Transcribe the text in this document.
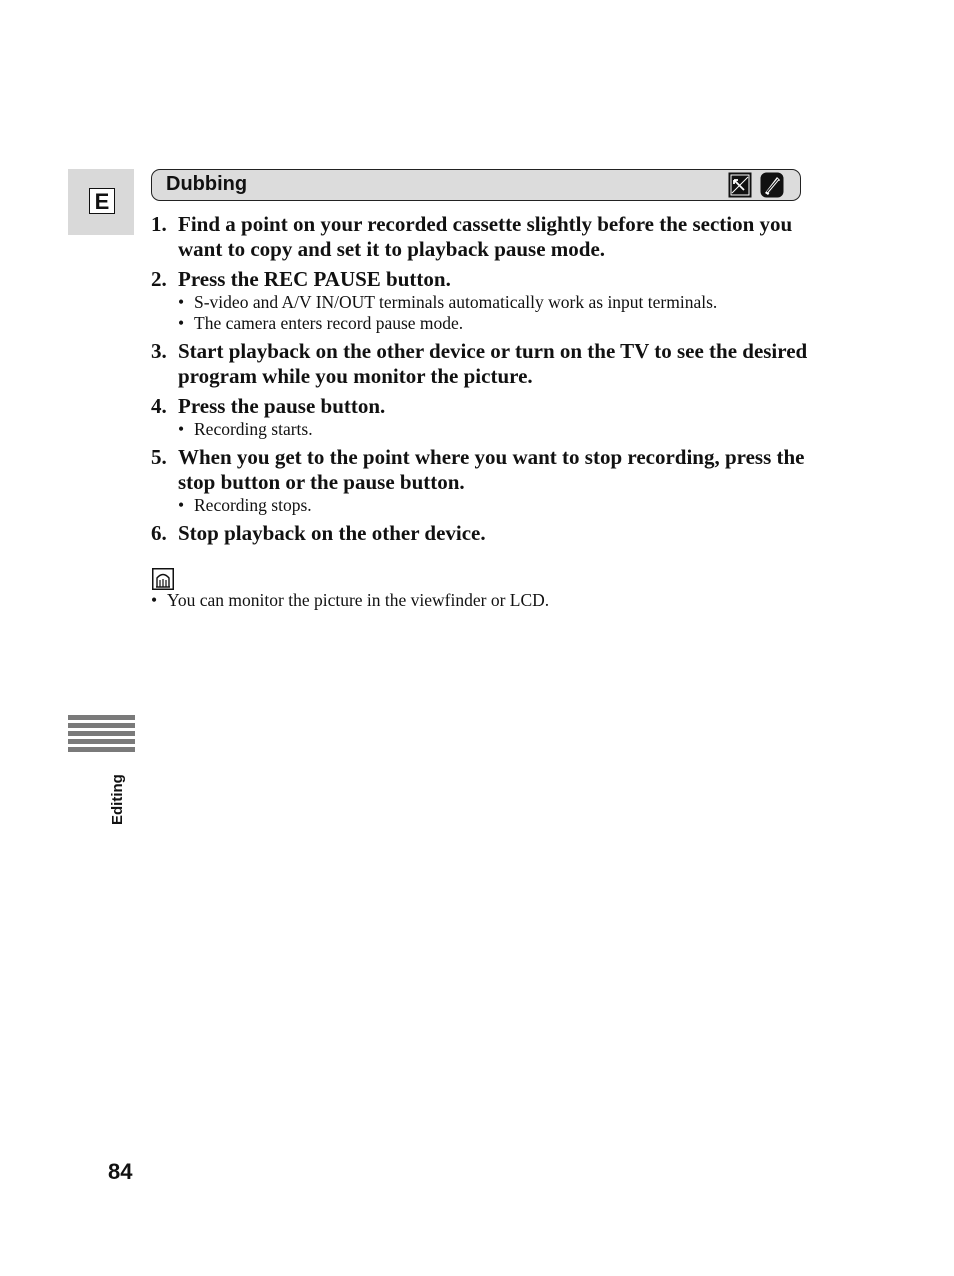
E
Dubbing
1. Find a point on your recorded cassette slightly before the section you want to copy and set it to playback pause mode.
2. Press the REC PAUSE button.
• S-video and A/V IN/OUT terminals automatically work as input terminals.
• The camera enters record pause mode.
3. Start playback on the other device or turn on the TV to see the desired program while you monitor the picture.
4. Press the pause button.
• Recording starts.
5. When you get to the point where you want to stop recording, press the stop button or the pause button.
• Recording stops.
6. Stop playback on the other device.
• You can monitor the picture in the viewfinder or LCD.
Editing
84
